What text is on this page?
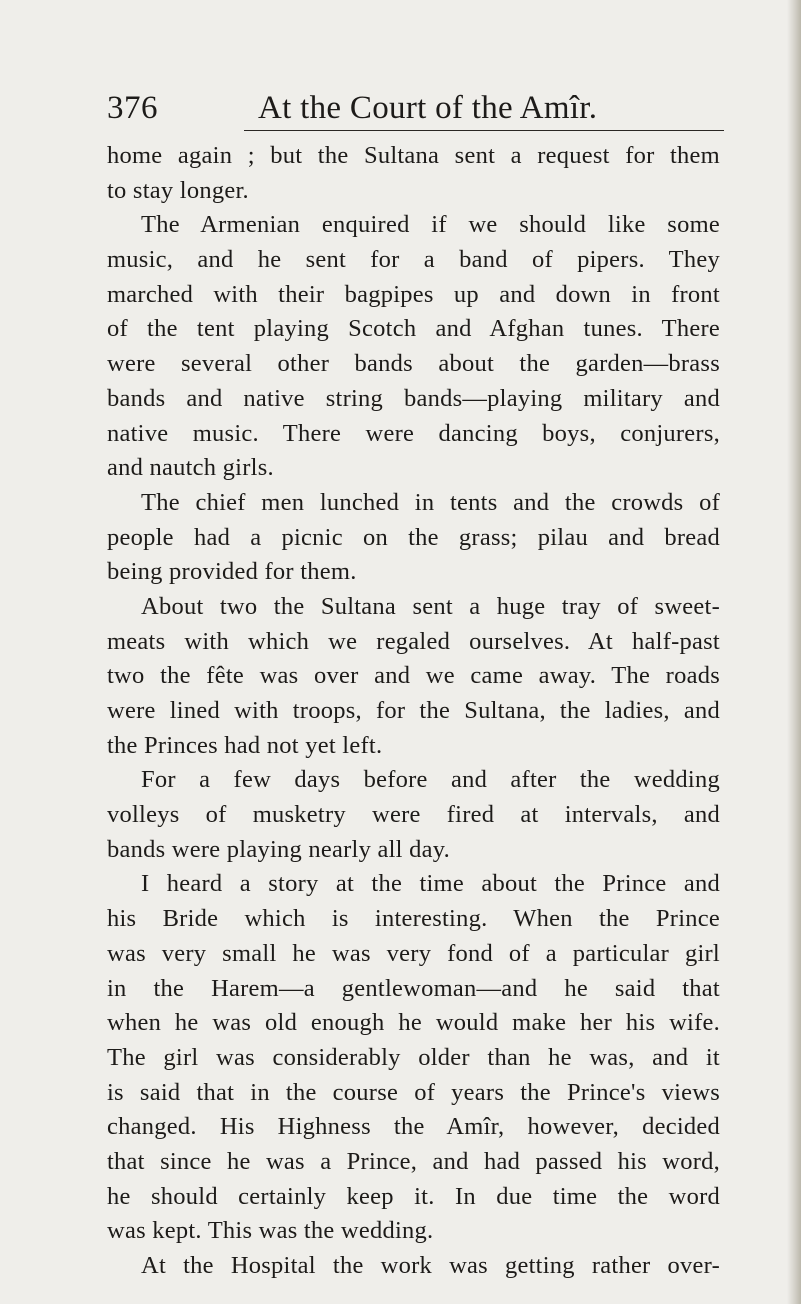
376	At the Court of the Amîr.
home again ; but the Sultana sent a request for them
to stay longer.
The Armenian enquired if we should like some
music, and he sent for a band of pipers. They
marched with their bagpipes up and down in front
of the tent playing Scotch and Afghan tunes. There
were several other bands about the garden—brass
bands and native string bands—playing military and
native music. There were dancing boys, conjurers,
and nautch girls.
The chief men lunched in tents and the crowds of
people had a picnic on the grass; pilau and bread
being provided for them.
About two the Sultana sent a huge tray of sweet-
meats with which we regaled ourselves. At half-past
two the fête was over and we came away. The roads
were lined with troops, for the Sultana, the ladies, and
the Princes had not yet left.
For a few days before and after the wedding
volleys of musketry were fired at intervals, and
bands were playing nearly all day.
I heard a story at the time about the Prince and
his Bride which is interesting. When the Prince
was very small he was very fond of a particular girl
in the Harem—a gentlewoman—and he said that
when he was old enough he would make her his wife.
The girl was considerably older than he was, and it
is said that in the course of years the Prince's views
changed. His Highness the Amîr, however, decided
that since he was a Prince, and had passed his word,
he should certainly keep it. In due time the word
was kept. This was the wedding.
At the Hospital the work was getting rather over-
